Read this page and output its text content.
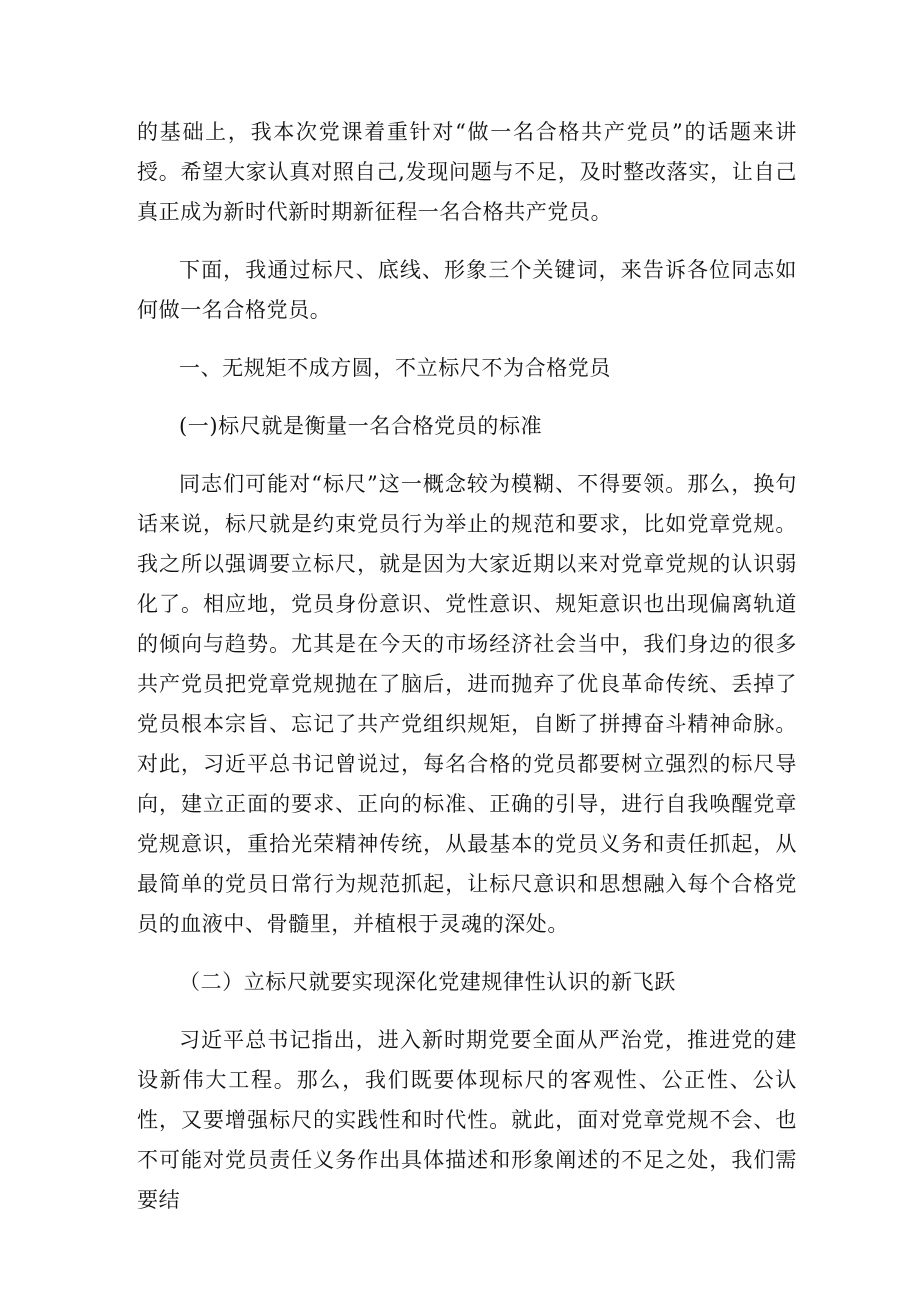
的基础上，我本次党课着重针对“做一名合格共产党员”的话题来讲授。希望大家认真对照自己,发现问题与不足，及时整改落实，让自己真正成为新时代新时期新征程一名合格共产党员。

下面，我通过标尺、底线、形象三个关键词，来告诉各位同志如何做一名合格党员。

一、无规矩不成方圆，不立标尺不为合格党员

(一)标尺就是衡量一名合格党员的标准

同志们可能对“标尺”这一概念较为模糊、不得要领。那么，换句话来说，标尺就是约束党员行为举止的规范和要求，比如党章党规。我之所以强调要立标尺，就是因为大家近期以来对党章党规的认识弱化了。相应地，党员身份意识、党性意识、规矩意识也出现偏离轨道的倾向与趋势。尤其是在今天的市场经济社会当中，我们身边的很多共产党员把党章党规抛在了脑后，进而抛弃了优良革命传统、丢掉了党员根本宗旨、忘记了共产党组织规矩，自断了拼搏奋斗精神命脉。对此，习近平总书记曾说过，每名合格的党员都要树立强烈的标尺导向，建立正面的要求、正向的标准、正确的引导，进行自我唤醒党章党规意识，重拾光荣精神传统，从最基本的党员义务和责任抓起，从最简单的党员日常行为规范抓起，让标尺意识和思想融入每个合格党员的血液中、骨髓里，并植根于灵魂的深处。

（二）立标尺就要实现深化党建规律性认识的新飞跃

习近平总书记指出，进入新时期党要全面从严治党，推进党的建设新伟大工程。那么，我们既要体现标尺的客观性、公正性、公认性，又要增强标尺的实践性和时代性。就此，面对党章党规不会、也不可能对党员责任义务作出具体描述和形象阐述的不足之处，我们需要结
